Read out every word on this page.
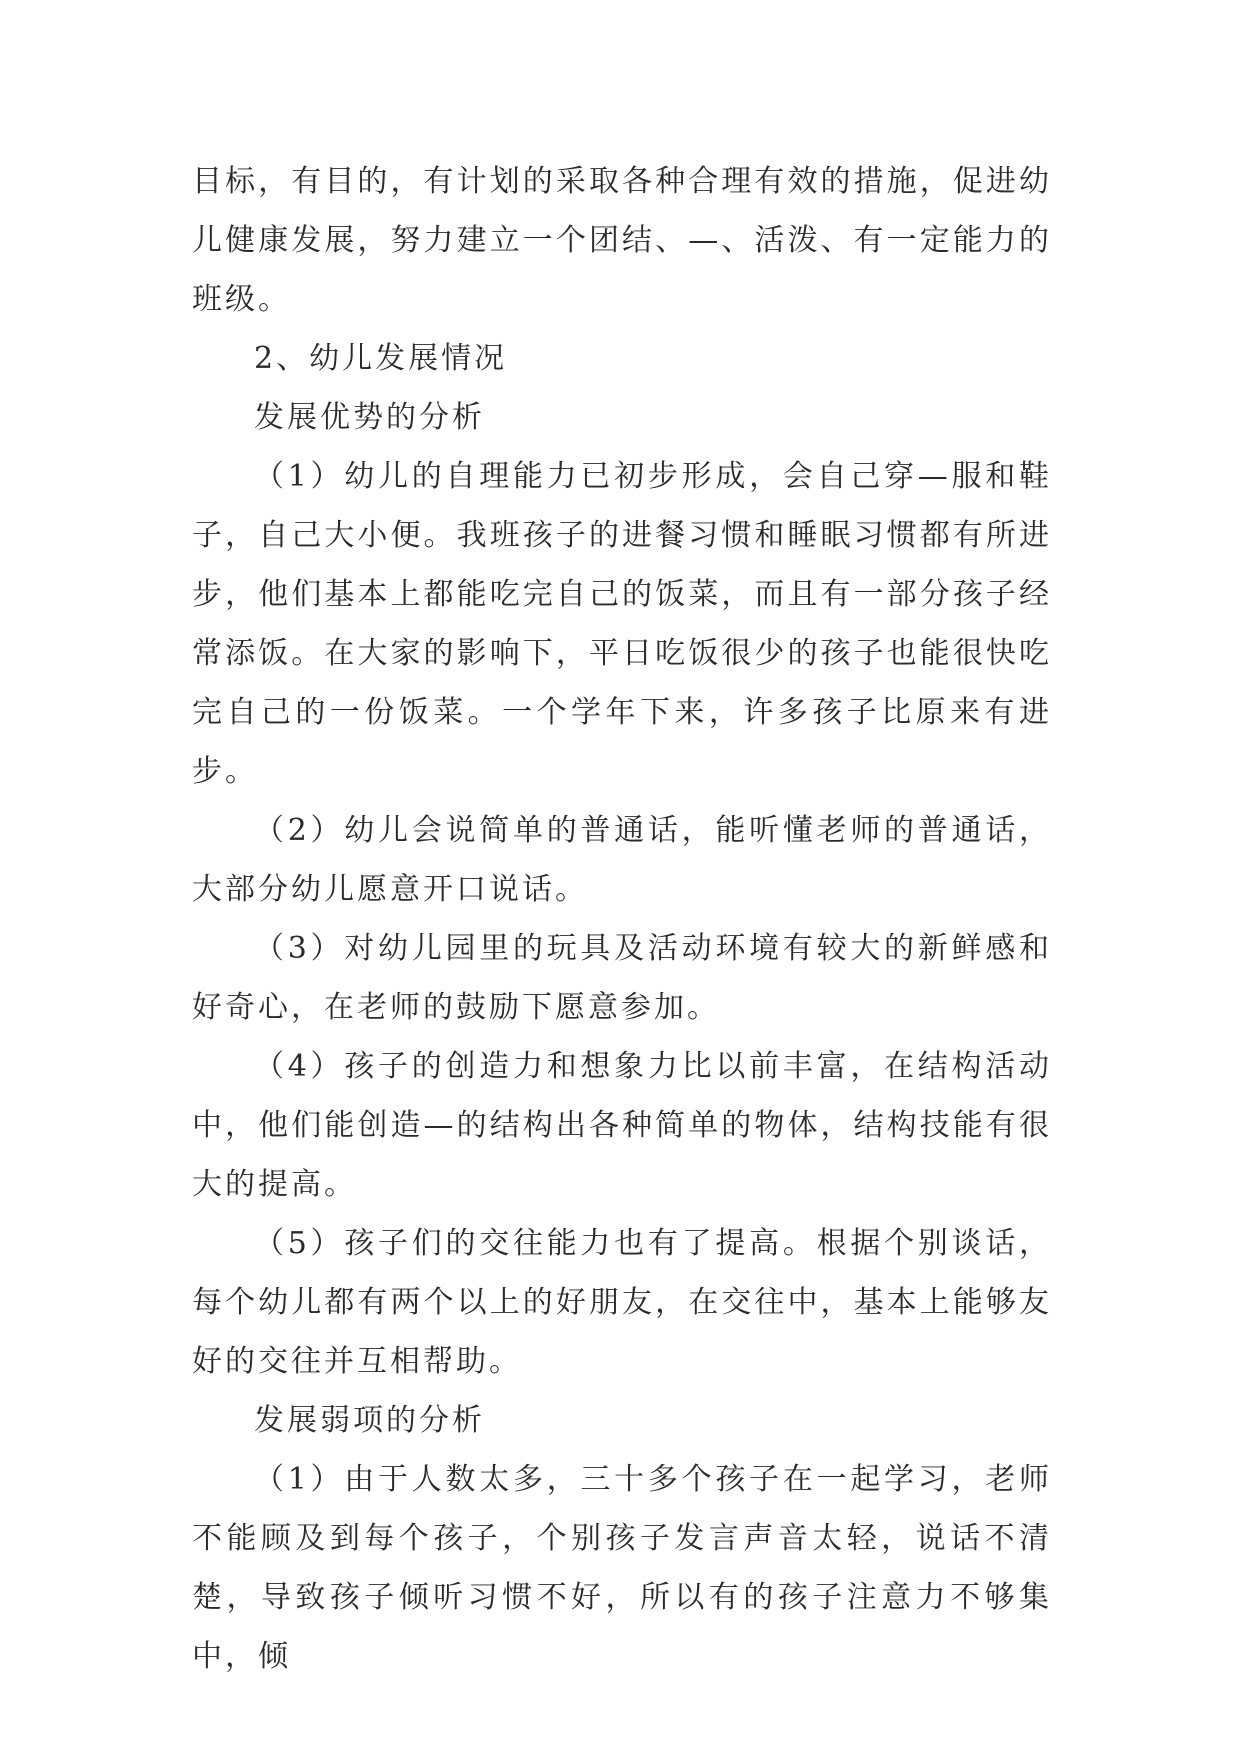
目标，有目的，有计划的采取各种合理有效的措施，促进幼儿健康发展，努力建立一个团结、—、活泼、有一定能力的班级。

2、幼儿发展情况

发展优势的分析

（1）幼儿的自理能力已初步形成，会自己穿—服和鞋子，自己大小便。我班孩子的进餐习惯和睡眠习惯都有所进步，他们基本上都能吃完自己的饭菜，而且有一部分孩子经常添饭。在大家的影响下，平日吃饭很少的孩子也能很快吃完自己的一份饭菜。一个学年下来，许多孩子比原来有进步。

（2）幼儿会说简单的普通话，能听懂老师的普通话，大部分幼儿愿意开口说话。

（3）对幼儿园里的玩具及活动环境有较大的新鲜感和好奇心，在老师的鼓励下愿意参加。

（4）孩子的创造力和想象力比以前丰富，在结构活动中，他们能创造—的结构出各种简单的物体，结构技能有很大的提高。

（5）孩子们的交往能力也有了提高。根据个别谈话，每个幼儿都有两个以上的好朋友，在交往中，基本上能够友好的交往并互相帮助。

发展弱项的分析

（1）由于人数太多，三十多个孩子在一起学习，老师不能顾及到每个孩子，个别孩子发言声音太轻，说话不清楚，导致孩子倾听习惯不好，所以有的孩子注意力不够集中，倾
